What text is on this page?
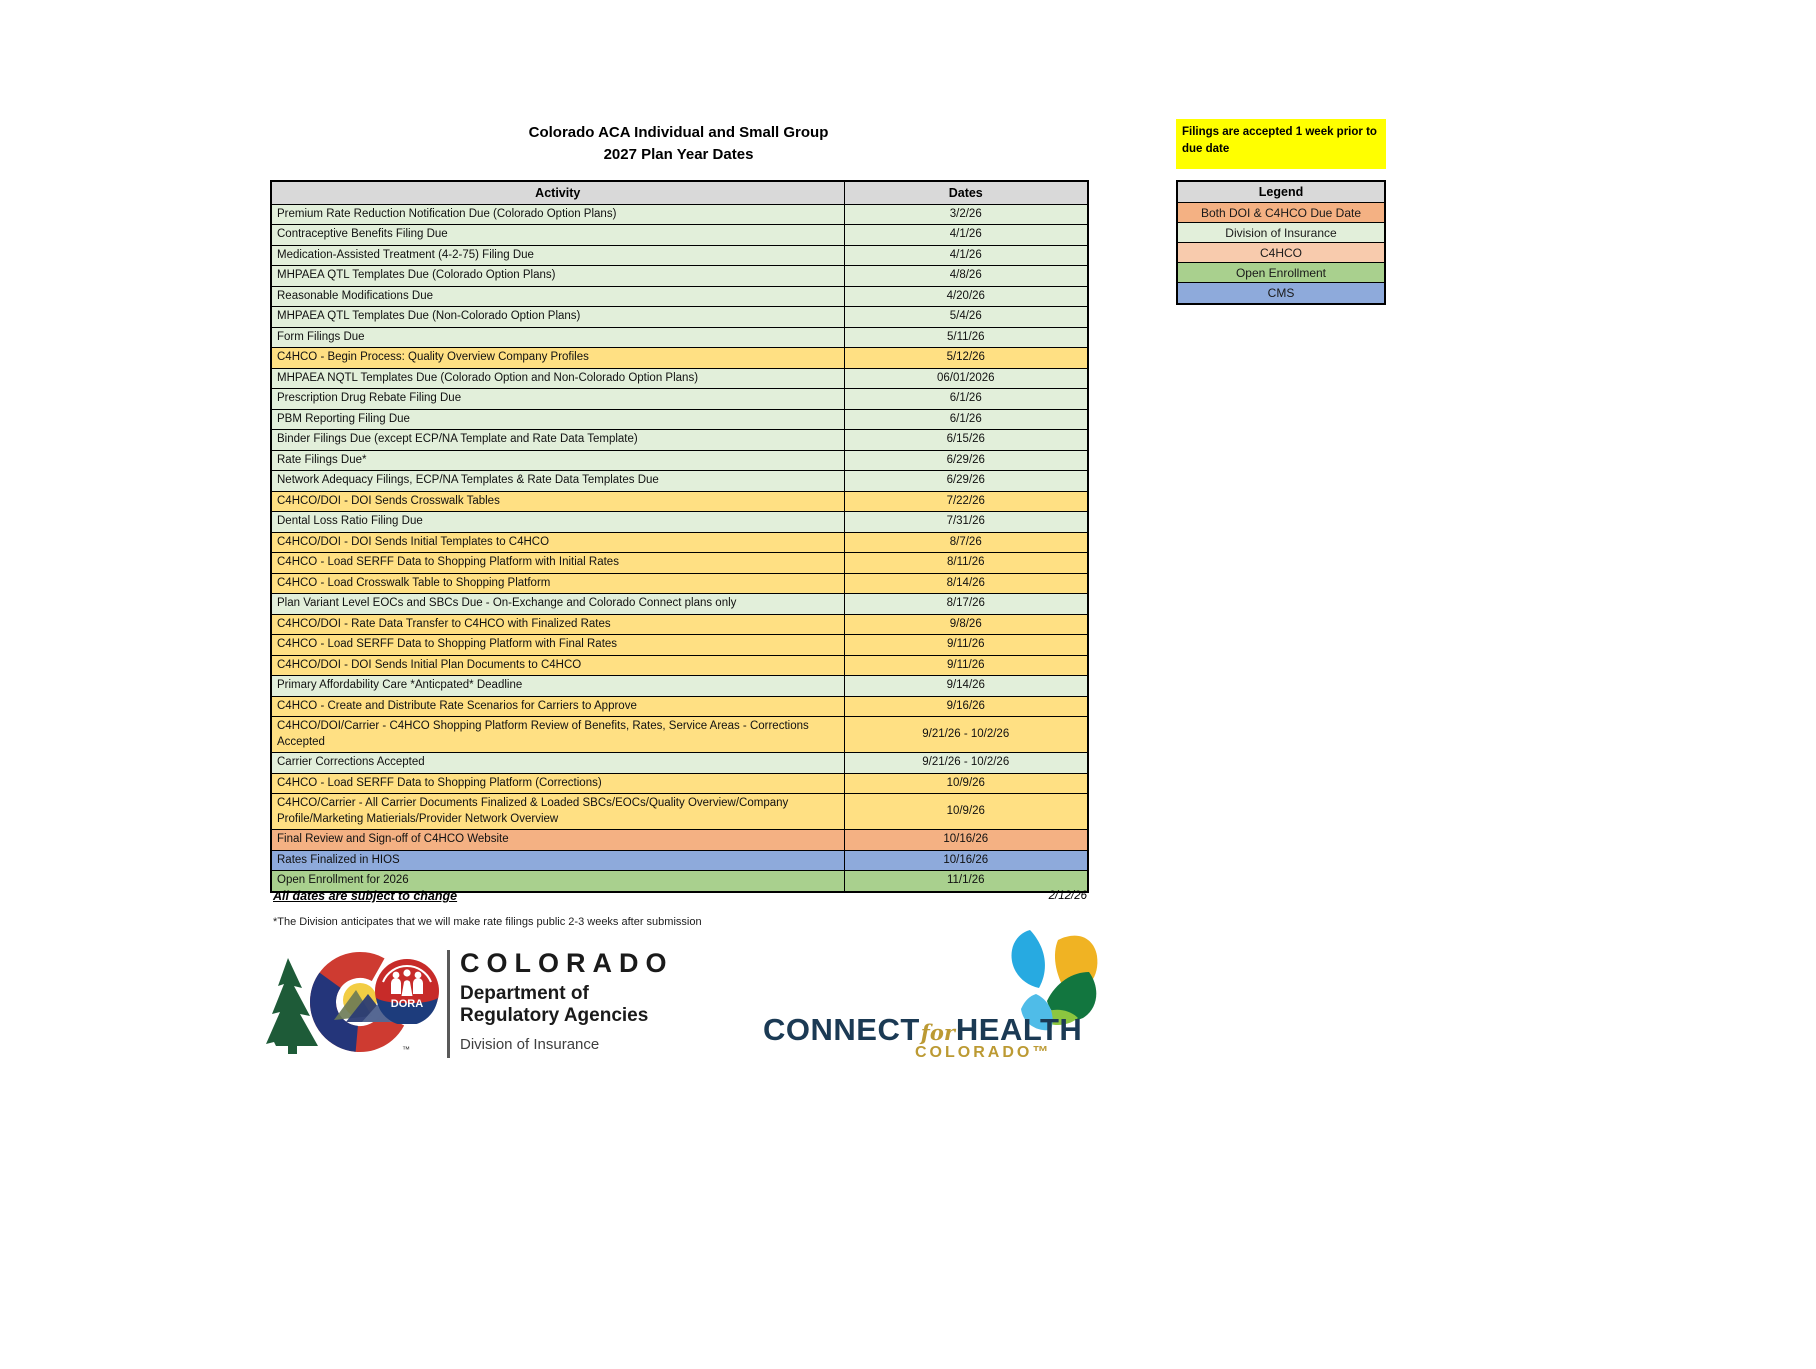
Colorado ACA Individual and Small Group
2027 Plan Year Dates
Filings are accepted 1 week prior to due date
Legend
Both DOI & C4HCO Due Date
Division of Insurance
C4HCO
Open Enrollment
CMS
Activity	Dates
Premium Rate Reduction Notification Due (Colorado Option Plans)	3/2/26
Contraceptive Benefits Filing Due	4/1/26
Medication-Assisted Treatment (4-2-75) Filing Due	4/1/26
MHPAEA QTL Templates Due (Colorado Option Plans)	4/8/26
Reasonable Modifications Due	4/20/26
MHPAEA QTL Templates Due (Non-Colorado Option Plans)	5/4/26
Form Filings Due	5/11/26
C4HCO - Begin Process: Quality Overview Company Profiles	5/12/26
MHPAEA NQTL Templates Due (Colorado Option and Non-Colorado Option Plans)	06/01/2026
Prescription Drug Rebate Filing Due	6/1/26
PBM Reporting Filing Due	6/1/26
Binder Filings Due (except ECP/NA Template and Rate Data Template)	6/15/26
Rate Filings Due*	6/29/26
Network Adequacy Filings, ECP/NA Templates & Rate Data Templates Due	6/29/26
C4HCO/DOI - DOI Sends Crosswalk Tables	7/22/26
Dental Loss Ratio Filing Due	7/31/26
C4HCO/DOI - DOI Sends Initial Templates to C4HCO	8/7/26
C4HCO - Load SERFF Data to Shopping Platform with Initial Rates	8/11/26
C4HCO - Load Crosswalk Table to Shopping Platform	8/14/26
Plan Variant Level EOCs and SBCs Due - On-Exchange and Colorado Connect plans only	8/17/26
C4HCO/DOI - Rate Data Transfer to C4HCO with Finalized Rates	9/8/26
C4HCO - Load SERFF Data to Shopping Platform with Final Rates	9/11/26
C4HCO/DOI - DOI Sends Initial Plan Documents to C4HCO	9/11/26
Primary Affordability Care *Anticpated* Deadline	9/14/26
C4HCO - Create and Distribute Rate Scenarios for Carriers to Approve	9/16/26
C4HCO/DOI/Carrier - C4HCO Shopping Platform Review of Benefits, Rates, Service Areas - Corrections Accepted	9/21/26 - 10/2/26
Carrier Corrections Accepted	9/21/26 - 10/2/26
C4HCO - Load SERFF Data to Shopping Platform (Corrections)	10/9/26
C4HCO/Carrier - All Carrier Documents Finalized & Loaded SBCs/EOCs/Quality Overview/Company Profile/Marketing Matierials/Provider Network Overview	10/9/26
Final Review and Sign-off of C4HCO Website	10/16/26
Rates Finalized in HIOS	10/16/26
Open Enrollment for 2026	11/1/26
All dates are subject to change	2/12/26
*The Division anticipates that we will make rate filings public 2-3 weeks after submission
™
DORA
COLORADO
Department of
Regulatory Agencies
Division of Insurance	CONNECTforHEALTH
COLORADO™
